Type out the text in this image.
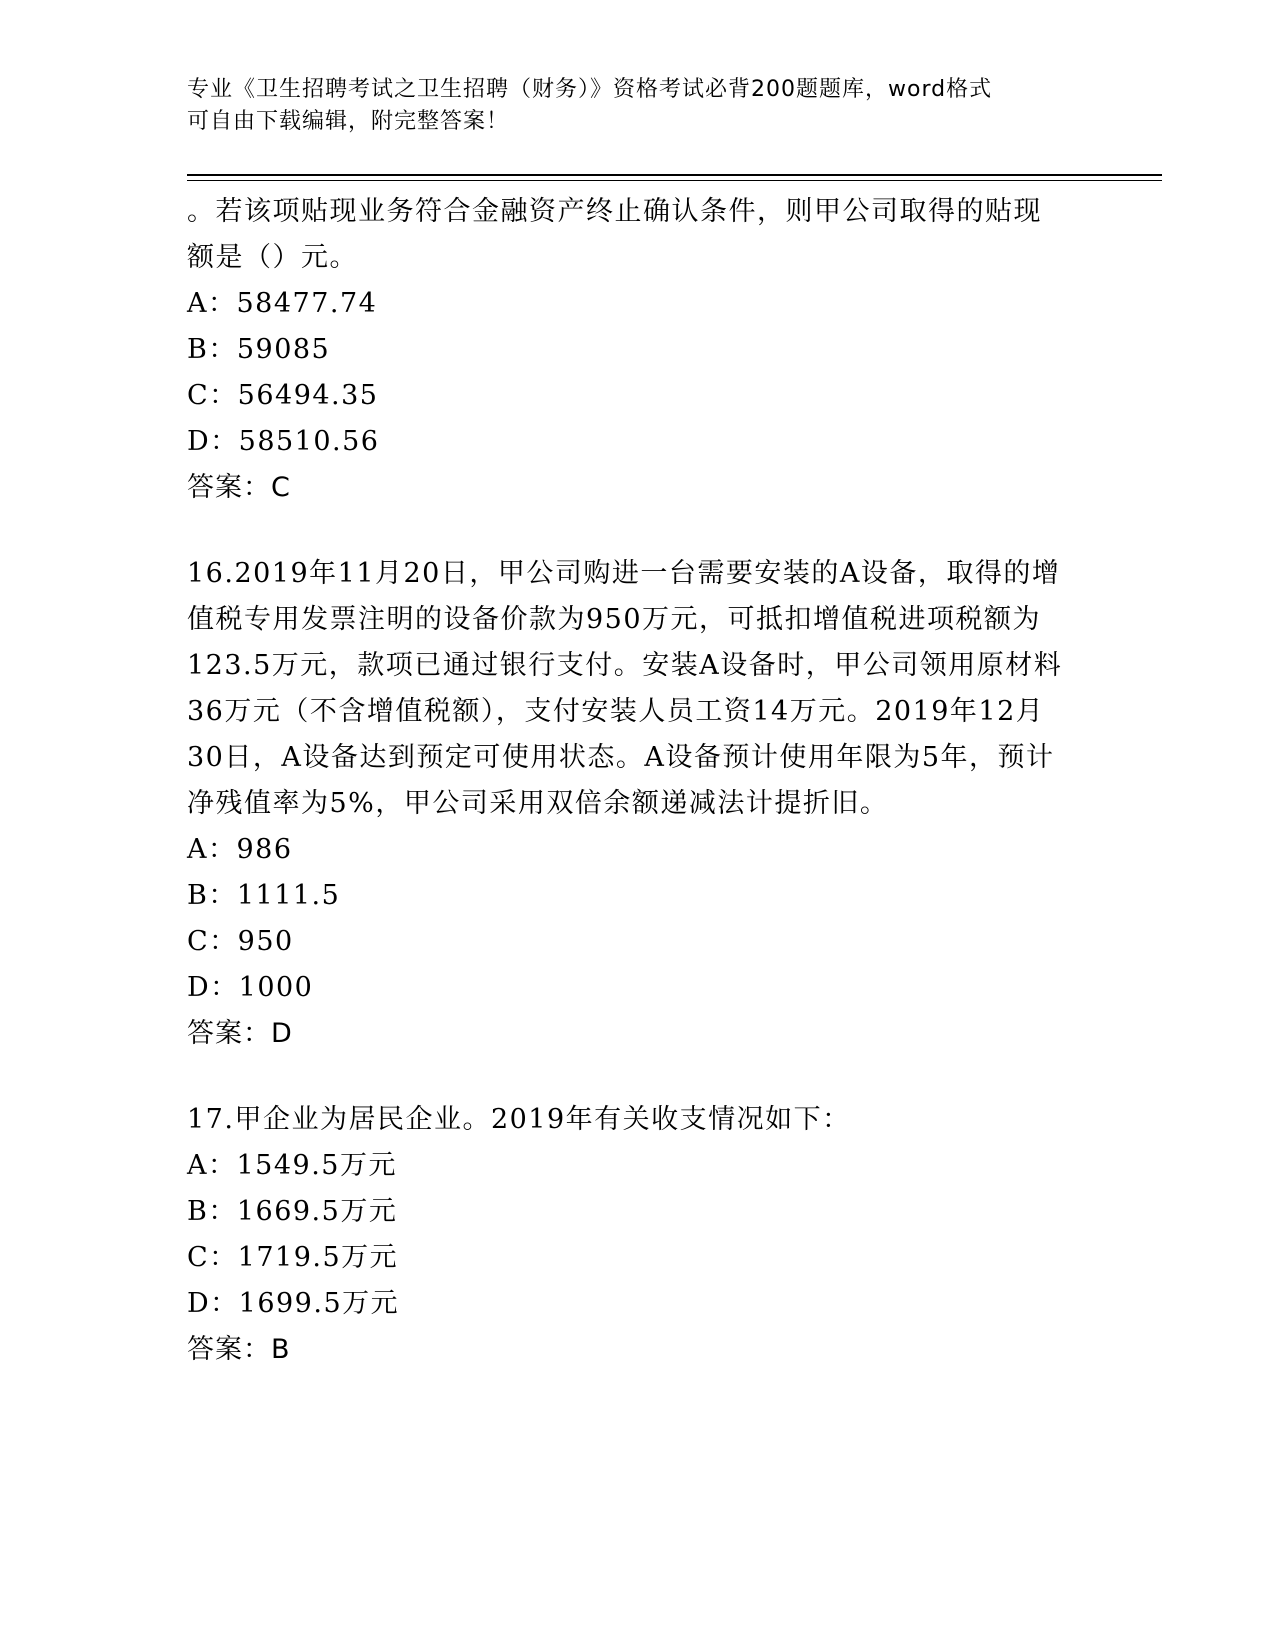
专业《卫生招聘考试之卫生招聘（财务）》资格考试必背200题题库，word格式
可自由下载编辑，附完整答案！
。若该项贴现业务符合金融资产终止确认条件，则甲公司取得的贴现
额是（）元。
A：58477.74
B：59085
C：56494.35
D：58510.56
答案：C
16.2019年11月20日，甲公司购进一台需要安装的A设备，取得的增
值税专用发票注明的设备价款为950万元，可抵扣增值税进项税额为
123.5万元，款项已通过银行支付。安装A设备时，甲公司领用原材料
36万元（不含增值税额），支付安装人员工资14万元。2019年12月
30日，A设备达到预定可使用状态。A设备预计使用年限为5年，预计
净残值率为5%，甲公司采用双倍余额递减法计提折旧。
A：986
B：1111.5
C：950
D：1000
答案：D
17.甲企业为居民企业。2019年有关收支情况如下：
A：1549.5万元
B：1669.5万元
C：1719.5万元
D：1699.5万元
答案：B
